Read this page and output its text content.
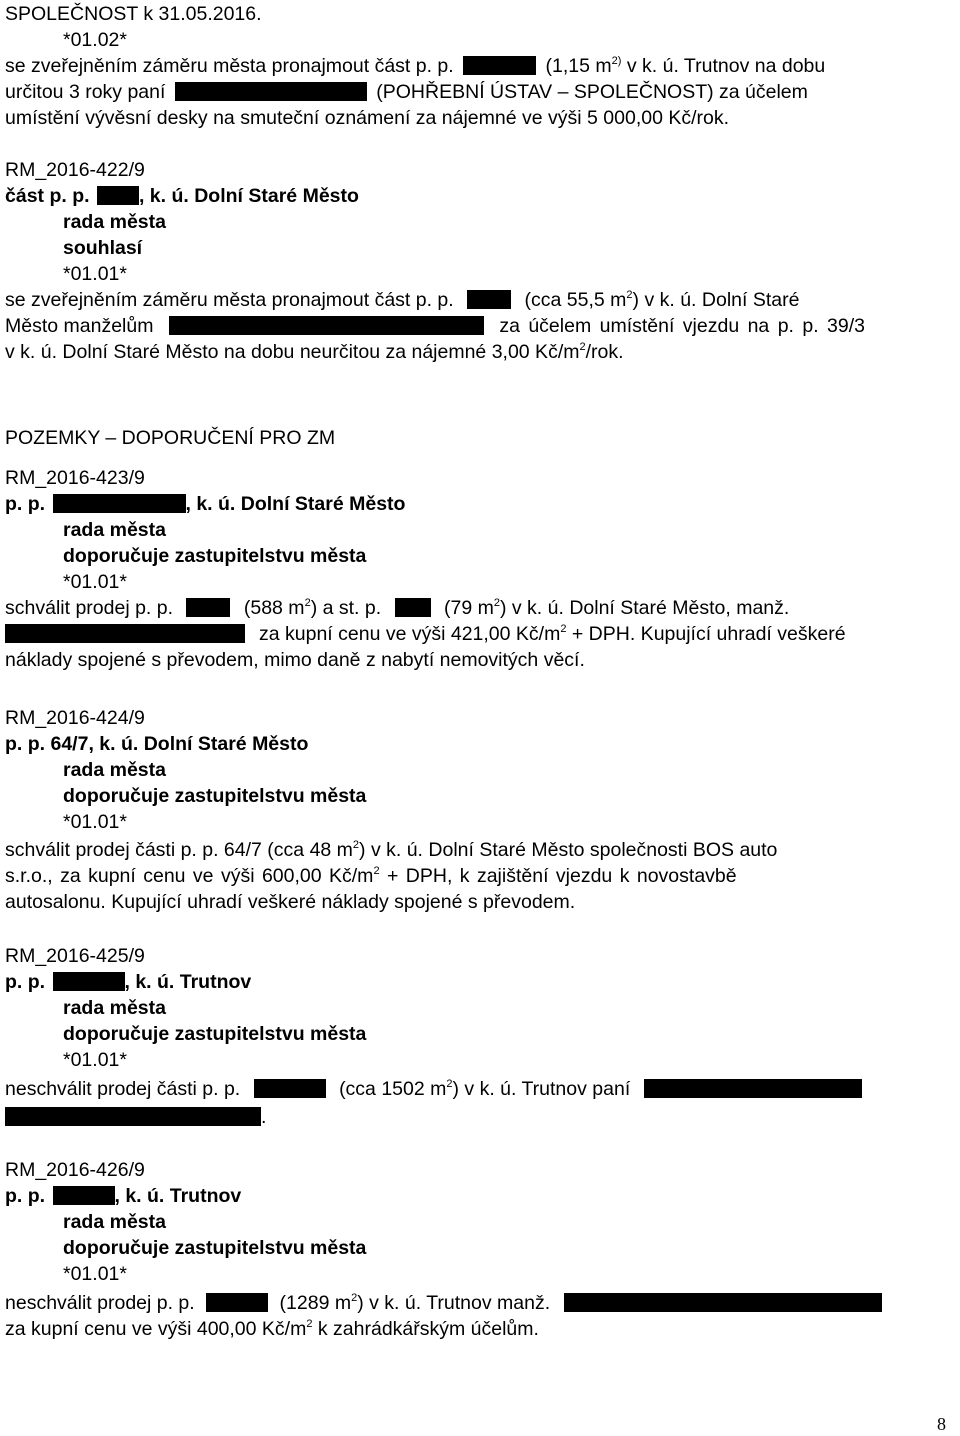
SPOLEČNOST k 31.05.2016.
*01.02*
se zveřejněním záměru města pronajmout část p. p.	(1,15 $m^{2)}$ v k. ú. Trutnov na dobu
určitou 3 roky paní	(POHŘEBNÍ ÚSTAV – SPOLEČNOST) za účelem
umístění vývěsní desky na smuteční oznámení za nájemné ve výši 5 000,00 Kč/rok.
RM_2016-422/9
část p. p.	, k. ú. Dolní Staré Město
rada města
souhlasí
*01.01*
se zveřejněním záměru města pronajmout část p. p.	(cca 55,5 $m^2$) v k. ú. Dolní Staré
Město manželům	za účelem umístění vjezdu na p. p. 39/3
v k. ú. Dolní Staré Město na dobu neurčitou za nájemné 3,00 $Kč/m^2$/rok.
POZEMKY – DOPORUČENÍ PRO ZM
RM_2016-423/9
p. p.	, k. ú. Dolní Staré Město
rada města
doporučuje zastupitelstvu města
*01.01*
schválit prodej p. p.	(588 $m^2$) a st. p.	(79 $m^2$) v k. ú. Dolní Staré Město, manž.
za kupní cenu ve výši 421,00 $Kč/m^2$ + DPH. Kupující uhradí veškeré
náklady spojené s převodem, mimo daně z nabytí nemovitých věcí.
RM_2016-424/9
p. p. 64/7, k. ú. Dolní Staré Město
rada města
doporučuje zastupitelstvu města
*01.01*
schválit prodej části p. p. 64/7 (cca 48 $m^2$) v k. ú. Dolní Staré Město společnosti BOS auto
s.r.o., za kupní cenu ve výši 600,00 $Kč/m^2$ + DPH, k zajištění vjezdu k novostavbě
autosalonu. Kupující uhradí veškeré náklady spojené s převodem.
RM_2016-425/9
p. p.	, k. ú. Trutnov
rada města
doporučuje zastupitelstvu města
*01.01*
neschválit prodej části p. p.	(cca 1502 $m^2$) v k. ú. Trutnov paní
.
RM_2016-426/9
p. p.	, k. ú. Trutnov
rada města
doporučuje zastupitelstvu města
*01.01*
neschválit prodej p. p.	(1289 $m^2$) v k. ú. Trutnov manž.
za kupní cenu ve výši 400,00 $Kč/m^2$ k zahrádkářským účelům.
8
